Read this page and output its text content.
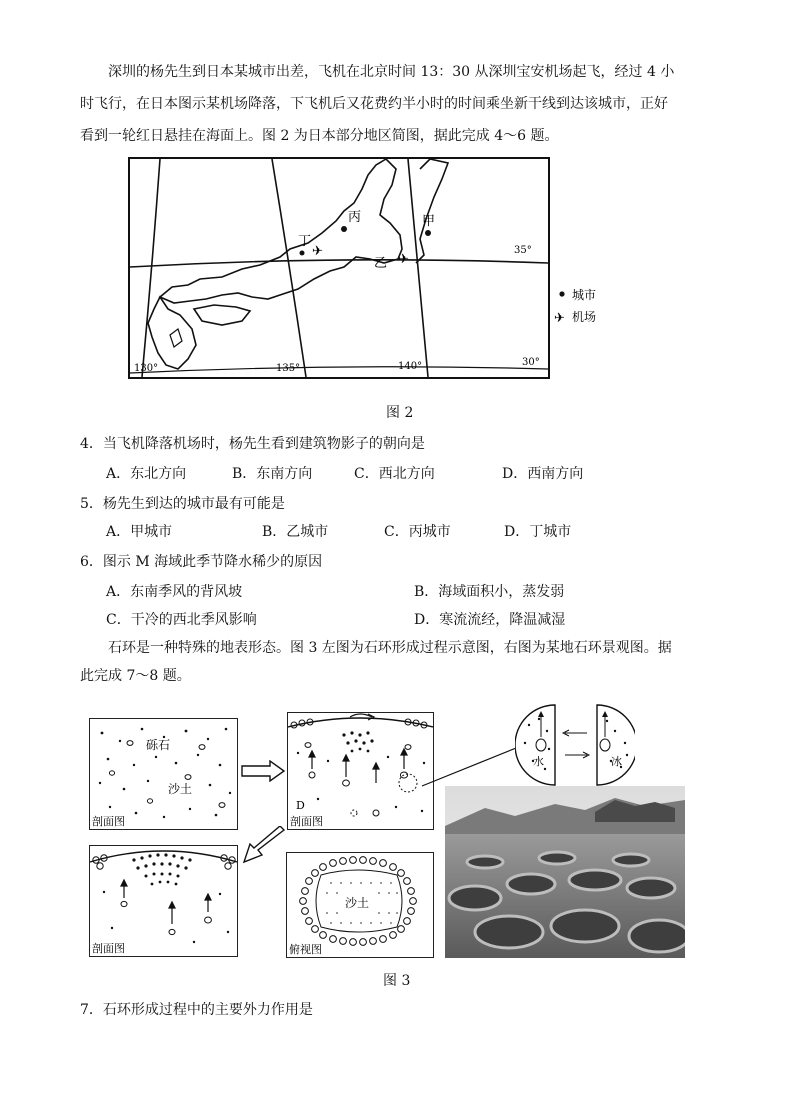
深圳的杨先生到日本某城市出差，飞机在北京时间 13：30 从深圳宝安机场起飞，经过 4 小
时飞行，在日本图示某机场降落，下飞机后又花费约半小时的时间乘坐新干线到达该城市，正好
看到一轮红日悬挂在海面上。图 2 为日本部分地区简图，据此完成 4～6 题。
丙	甲
丁
✈
乙 ✈
35°
30°
130°	135°	140°
城市
✈ 机场
图 2
4．当飞机降落机场时，杨先生看到建筑物影子的朝向是
A．东北方向	B．东南方向	C．西北方向	D．西南方向
5．杨先生到达的城市最有可能是
A．甲城市	B．乙城市	C．丙城市	D．丁城市
6．图示 M 海域此季节降水稀少的原因
A．东南季风的背风坡	B．海域面积小，蒸发弱
C．干冷的西北季风影响	D．寒流流经，降温减湿
石环是一种特殊的地表形态。图 3 左图为石环形成过程示意图，右图为某地石环景观图。据
此完成 7～8 题。
砾石
沙土
剖面图
D
剖面图
水	冰
剖面图
沙土
俯视图
图 3
7．石环形成过程中的主要外力作用是
